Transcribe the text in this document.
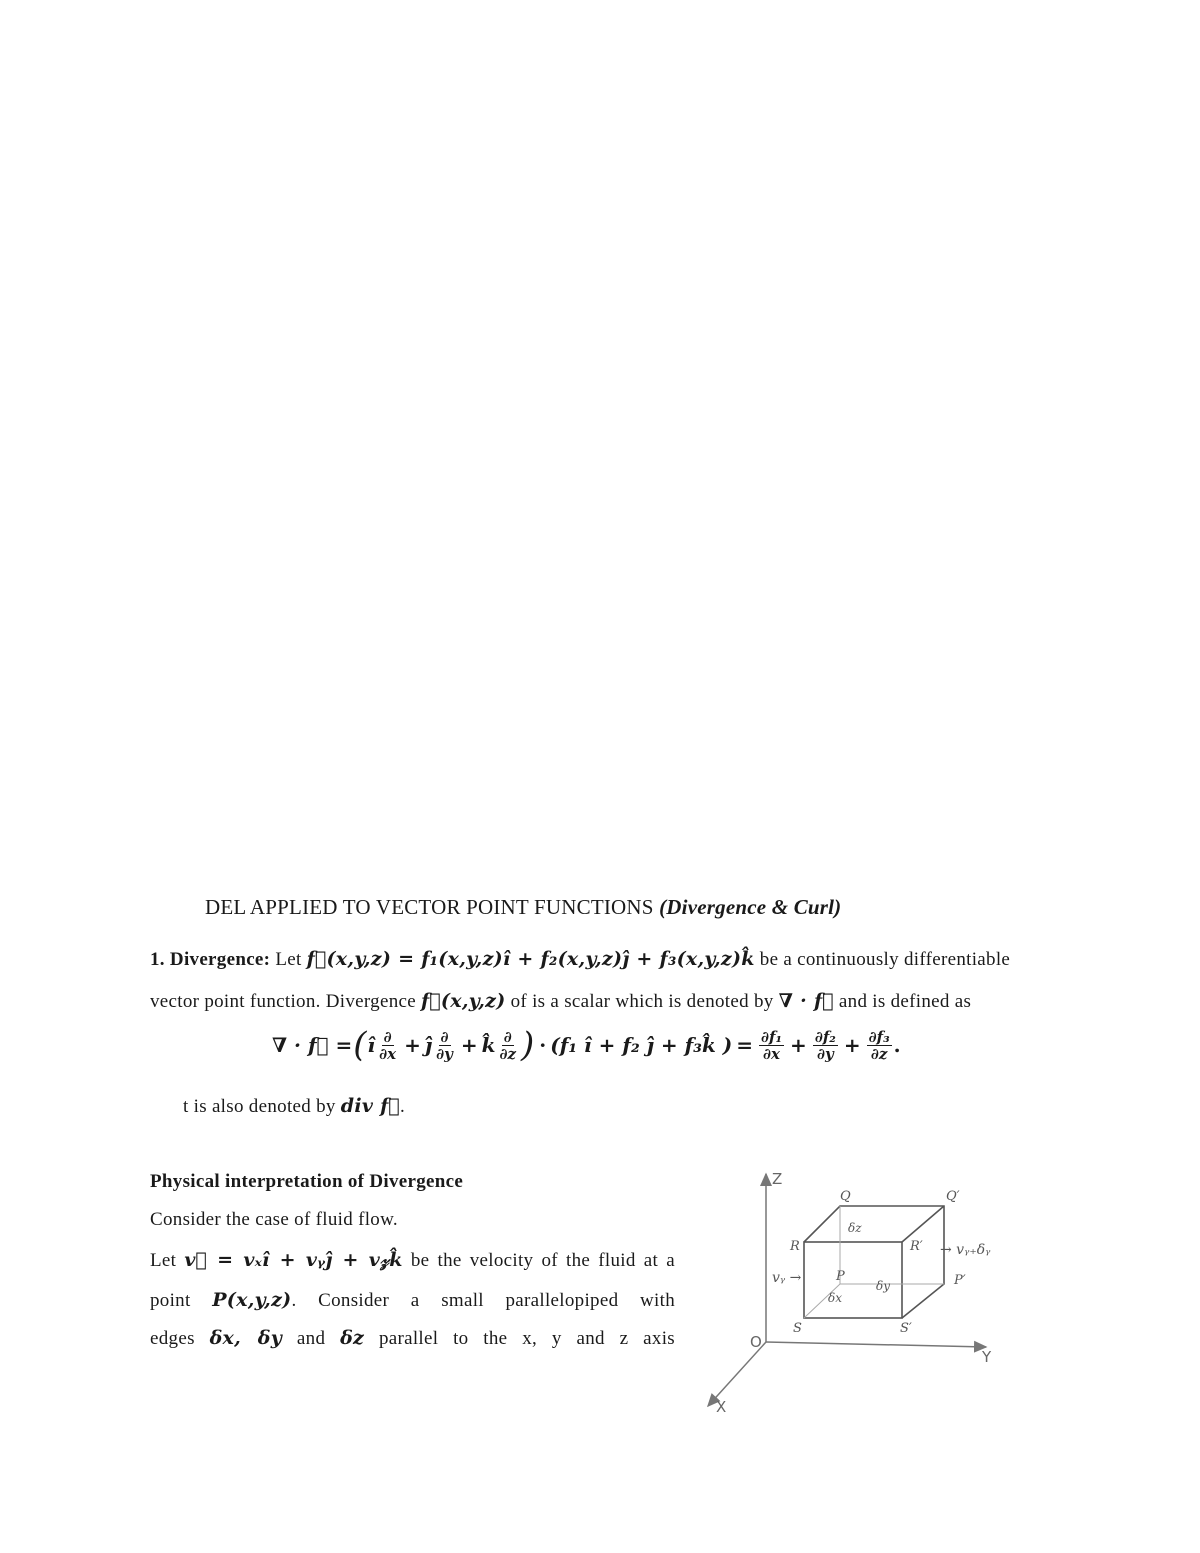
DEL APPLIED TO VECTOR POINT FUNCTIONS (Divergence & Curl)
1. Divergence: Let f⃗(x,y,z) = f₁(x,y,z)î + f₂(x,y,z)ĵ + f₃(x,y,z)k̂ be a continuously differentiable
vector point function. Divergence f⃗(x,y,z) of is a scalar which is denoted by ∇ · f⃗ and is defined as
∇ · f⃗ = ( î $\frac{\partial}{\partial x}$ + ĵ $\frac{\partial}{\partial y}$ + k̂ $\frac{\partial}{\partial z}$ ) · (f₁ î + f₂ ĵ + f₃k̂ ) = $\frac{\text{∂f₁}}{\partial x} + \frac{\text{∂f₂}}{\partial y} + \frac{\text{∂f₃}}{\partial z}$ .
t is also denoted by div f⃗.
Physical interpretation of Divergence
Consider the case of fluid flow.
Let v⃗ = vₓî + vᵧĵ + v𝓏k̂ be the velocity of the fluid at a
point P(x,y,z). Consider a small parallelopiped with
edges δx, δy and δz parallel to the x, y and z axis
Z
Y
X
O
Q	Q′
R	R′
P	P′
S	S′
vᵧ →
→ vᵧ₊δᵧ
δz
δy
δx
